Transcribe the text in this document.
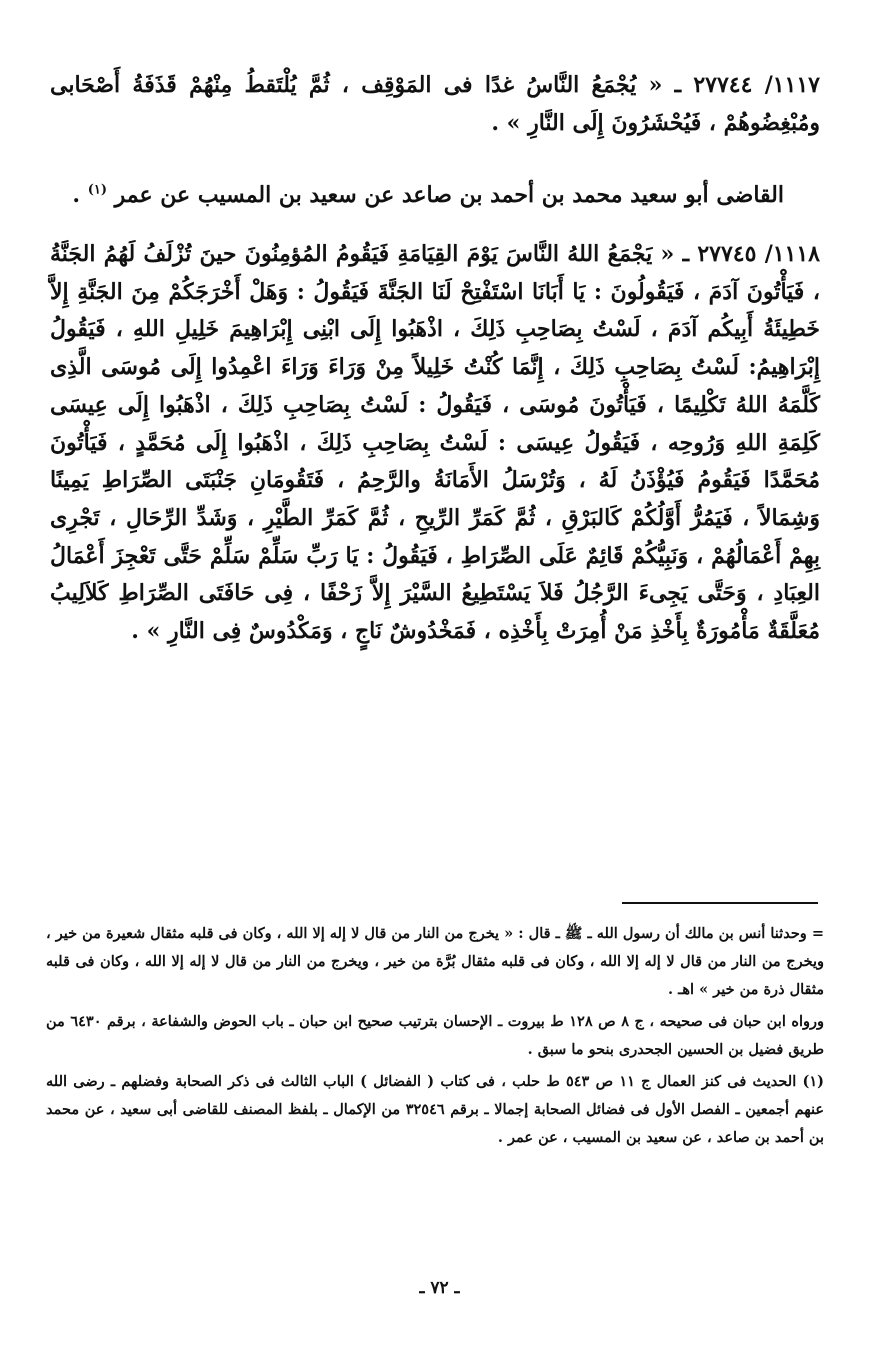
١١١٧/ ٢٧٧٤٤ ـ « يُجْمَعُ النَّاسُ غدًا فى المَوْقِف ، ثُمَّ يُلْتَقطُ مِنْهُمْ قَذَفَةُ أَصْحَابى ومُبْغِضُوهُمْ ، فَيُحْشَرُونَ إِلَى النَّارِ » .

القاضى أبو سعيد محمد بن أحمد بن صاعد عن سعيد بن المسيب عن عمر $^{(١)}$ .

١١١٨/ ٢٧٧٤٥ ـ « يَجْمَعُ اللهُ النَّاسَ يَوْمَ القِيَامَةِ فَيَقُومُ المُؤمِنُونَ حينَ تُزْلَفُ لَهُمُ الجَنَّةُ ، فَيَأْتُونَ آدَمَ ، فَيَقُولُونَ : يَا أَبَانَا اسْتَفْتِحْ لَنَا الجَنَّةَ فَيَقُولُ : وَهَلْ أَخْرَجَكُمْ مِنَ الجَنَّةِ إِلاَّ خَطِيئَةُ أَبِيكُم آدَمَ ، لَسْتُ بِصَاحِبِ ذَلِكَ ، اذْهَبُوا إِلَى ابْنِى إِبْرَاهِيمَ خَلِيلِ اللهِ ، فَيَقُولُ إِبْرَاهِيمُ: لَسْتُ بِصَاحِبِ ذَلِكَ ، إِنَّمَا كُنْتُ خَلِيلاً مِنْ وَرَاءَ وَرَاءَ اعْمِدُوا إِلَى مُوسَى الَّذِى كَلَّمَهُ اللهُ تَكْلِيمًا ، فَيَأْتُونَ مُوسَى ، فَيَقُولُ : لَسْتُ بِصَاحِبِ ذَلِكَ ، اذْهَبُوا إِلَى عِيسَى كَلِمَةِ اللهِ وَرُوحِه ، فَيَقُولُ عِيسَى : لَسْتُ بِصَاحِبِ ذَلِكَ ، اذْهَبُوا إِلَى مُحَمَّدٍ ، فَيَأْتُونَ مُحَمَّدًا فَيَقُومُ فَيُؤْذَنُ لَهُ ، وَتُرْسَلُ الأَمَانَةُ والرَّحِمُ ، فَتَقُومَانِ جَنْبَتَى الصِّرَاطِ يَمِينًا وَشِمَالاً ، فَيَمُرُّ أَوَّلُكُمْ كَالبَرْقِ ، ثُمَّ كَمَرِّ الرِّيحِ ، ثُمَّ كَمَرِّ الطَّيْرِ ، وَشَدِّ الرِّحَالِ ، تَجْرِى بِهِمْ أَعْمَالُهُمْ ، وَنَبِيُّكُمْ قَائِمٌ عَلَى الصِّرَاطِ ، فَيَقُولُ : يَا رَبِّ سَلِّمْ سَلِّمْ حَتَّى تَعْجِزَ أَعْمَالُ العِبَادِ ، وَحَتَّى يَجِىءَ الرَّجُلُ فَلاَ يَسْتَطِيعُ السَّيْرَ إِلاَّ زَحْفًا ، فِى حَافَتَى الصِّرَاطِ كَلاَلِيبُ مُعَلَّقَةٌ مَأْمُورَةٌ بِأَخْذِ مَنْ أُمِرَتْ بِأَخْذِه ، فَمَخْدُوشٌ نَاجٍ ، وَمَكْدُوسٌ فِى النَّارِ » .

= وحدثنا أنس بن مالك أن رسول الله ـ ﷺ ـ قال : « يخرج من النار من قال لا إله إلا الله ، وكان فى قلبه مثقال شعيرة من خير ، ويخرج من النار من قال لا إله إلا الله ، وكان فى قلبه مثقال بُرَّة من خير ، ويخرج من النار من قال لا إله إلا الله ، وكان فى قلبه مثقال ذرة من خير » اهـ .

ورواه ابن حبان فى صحيحه ، ج ٨ ص ١٢٨ ط بيروت ـ الإحسان بترتيب صحيح ابن حبان ـ باب الحوض والشفاعة ، برقم ٦٤٣٠ من طريق فضيل بن الحسين الجحدرى بنحو ما سبق .

(١) الحديث فى كنز العمال ج ١١ ص ٥٤٣ ط حلب ، فى كتاب ( الفضائل ) الباب الثالث فى ذكر الصحابة وفضلهم ـ رضى الله عنهم أجمعين ـ الفصل الأول فى فضائل الصحابة إجمالا ـ برقم ٣٢٥٤٦ من الإكمال ـ بلفظ المصنف للقاضى أبى سعيد ، عن محمد بن أحمد بن صاعد ، عن سعيد بن المسيب ، عن عمر .

ـ ٧٢ ـ
